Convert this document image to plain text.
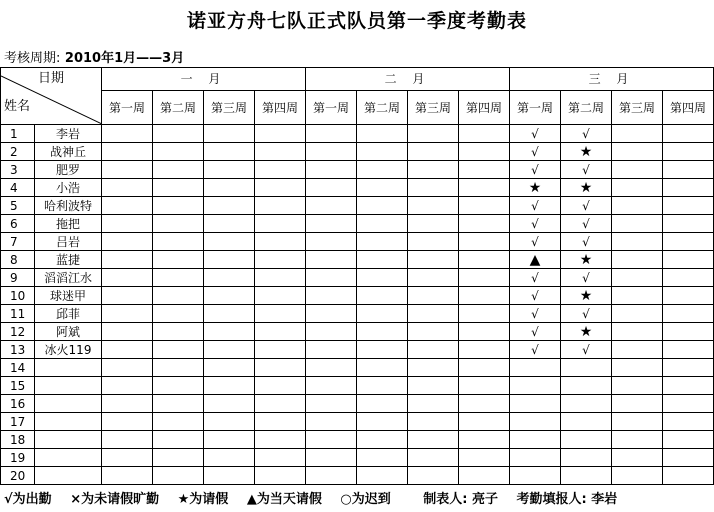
诺亚方舟七队正式队员第一季度考勤表
考核周期: 2010年1月——3月
日期
姓名		一 月				二 月				三 月			
		第一周	第二周	第三周	第四周	第一周	第二周	第三周	第四周	第一周	第二周	第三周	第四周
1	李岩									√	√		
2	战神丘									√	★		
3	肥罗									√	√		
4	小浩									★	★		
5	哈利波特									√	√		
6	拖把									√	√		
7	吕岩									√	√		
8	蓝捷									▲	★		
9	滔滔江水									√	√		
10	球迷甲									√	★		
11	邱菲									√	√		
12	阿斌									√	★		
13	冰火119									√	√		
14													
15													
16													
17													
18													
19													
20													
√为出勤 ×为未请假旷勤 ★为请假 ▲为当天请假 ○为迟到	制表人: 亮子 考勤填报人: 李岩
